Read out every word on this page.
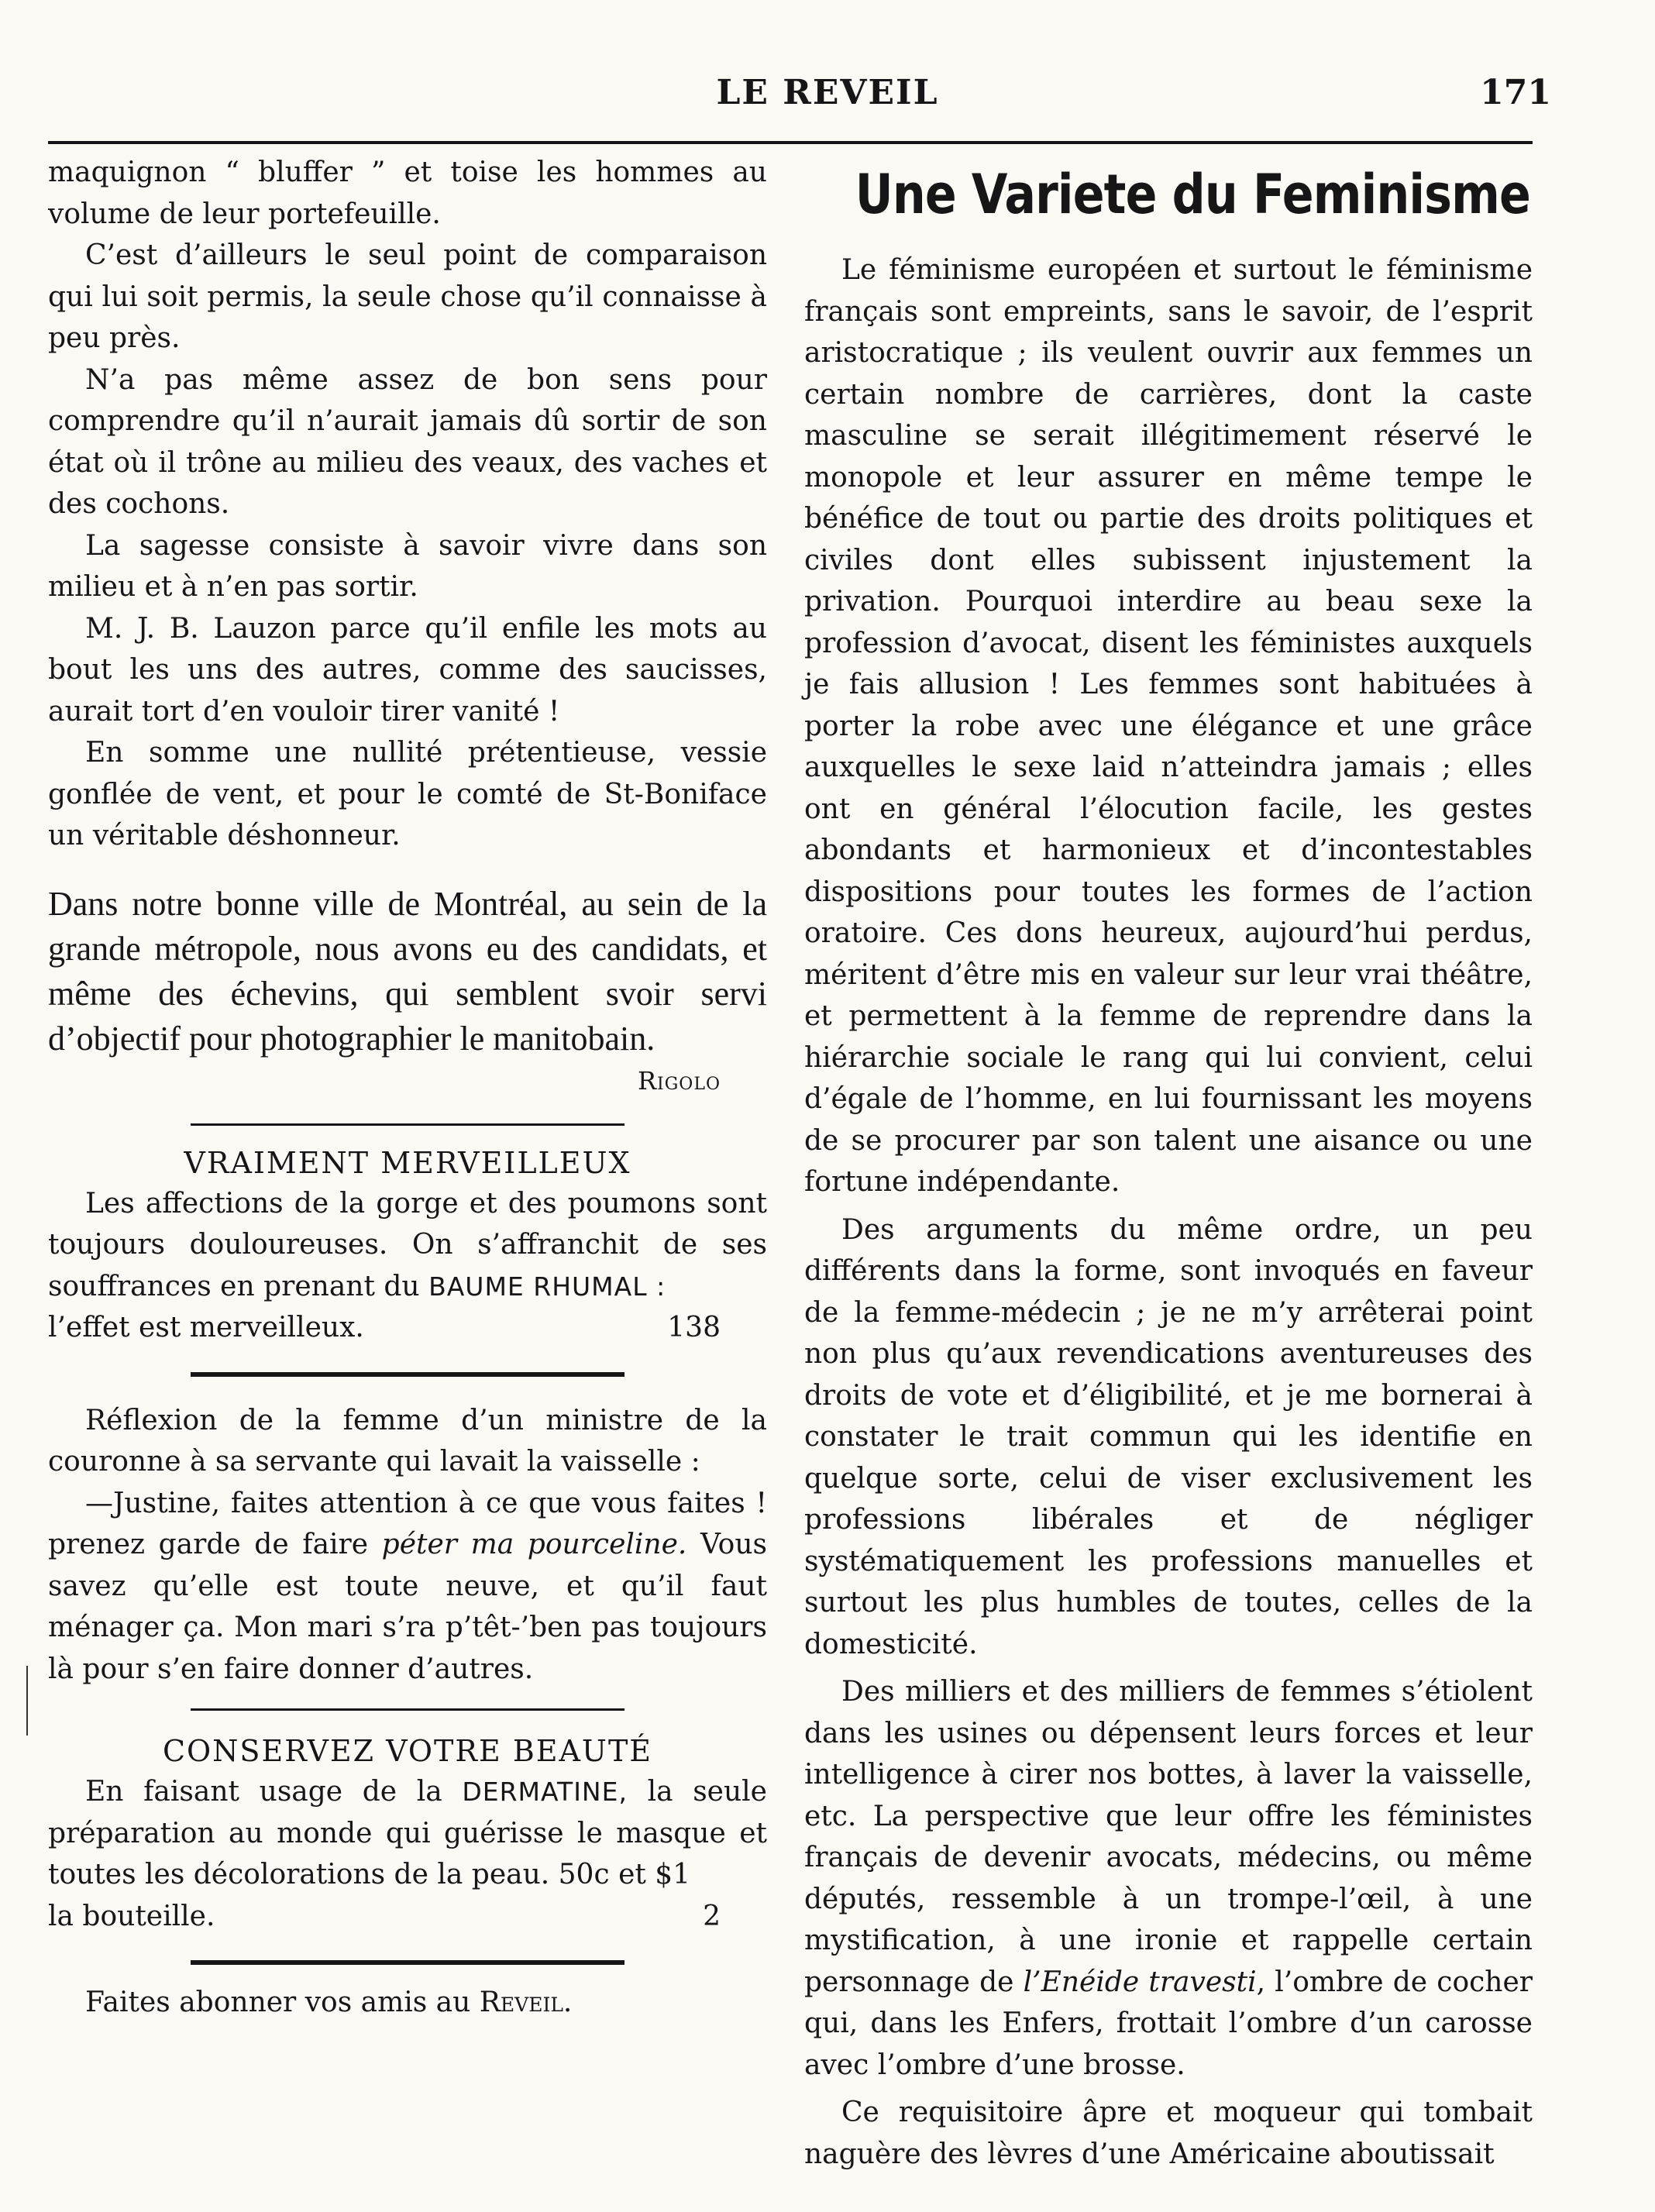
LE REVEIL	171

maquignon “ bluffer ” et toise les hommes au volume de leur portefeuille.

C’est d’ailleurs le seul point de comparaison qui lui soit permis, la seule chose qu’il connaisse à peu près.

N’a pas même assez de bon sens pour comprendre qu’il n’aurait jamais dû sortir de son état où il trône au milieu des veaux, des vaches et des cochons.

La sagesse consiste à savoir vivre dans son milieu et à n’en pas sortir.

M. J. B. Lauzon parce qu’il enfile les mots au bout les uns des autres, comme des saucisses, aurait tort d’en vouloir tirer vanité !

En somme une nullité prétentieuse, vessie gonflée de vent, et pour le comté de St-Boniface un véritable déshonneur.

Dans notre bonne ville de Montréal, au sein de la grande métropole, nous avons eu des candidats, et même des échevins, qui semblent svoir servi d’objectif pour photographier le manitobain.

Rigolo
VRAIMENT MERVEILLEUX

Les affections de la gorge et des poumons sont toujours douloureuses. On s’affranchit de ses souffrances en prenant du BAUME RHUMAL :

l’effet est merveilleux.	138

Réflexion de la femme d’un ministre de la couronne à sa servante qui lavait la vaisselle :

—Justine, faites attention à ce que vous faites ! prenez garde de faire péter ma pourceline. Vous savez qu’elle est toute neuve, et qu’il faut ménager ça. Mon mari s’ra p’têt-’ben pas toujours là pour s’en faire donner d’autres.

CONSERVEZ VOTRE BEAUTÉ

En faisant usage de la DERMATINE, la seule préparation au monde qui guérisse le masque et toutes les décolorations de la peau. 50c et $1

la bouteille.	2

Faites abonner vos amis au Reveil.

Une Variete du Feminisme

Le féminisme européen et surtout le féminisme français sont empreints, sans le savoir, de l’esprit aristocratique ; ils veulent ouvrir aux femmes un certain nombre de carrières, dont la caste masculine se serait illégitimement réservé le monopole et leur assurer en même tempe le bénéfice de tout ou partie des droits politiques et civiles dont elles subissent injustement la privation. Pourquoi interdire au beau sexe la profession d’avocat, disent les féministes auxquels je fais allusion ! Les femmes sont habituées à porter la robe avec une élégance et une grâce auxquelles le sexe laid n’atteindra jamais ; elles ont en général l’élocution facile, les gestes abondants et harmonieux et d’incontestables dispositions pour toutes les formes de l’action oratoire. Ces dons heureux, aujourd’hui perdus, méritent d’être mis en valeur sur leur vrai théâtre, et permettent à la femme de reprendre dans la hiérarchie sociale le rang qui lui convient, celui d’égale de l’homme, en lui fournissant les moyens de se procurer par son talent une aisance ou une fortune indépendante.

Des arguments du même ordre, un peu différents dans la forme, sont invoqués en faveur de la femme-médecin ; je ne m’y arrêterai point non plus qu’aux revendications aventureuses des droits de vote et d’éligibilité, et je me bornerai à constater le trait commun qui les identifie en quelque sorte, celui de viser exclusivement les professions libérales et de négliger systématiquement les professions manuelles et surtout les plus humbles de toutes, celles de la domesticité.

Des milliers et des milliers de femmes s’étiolent dans les usines ou dépensent leurs forces et leur intelligence à cirer nos bottes, à laver la vaisselle, etc. La perspective que leur offre les féministes français de devenir avocats, médecins, ou même députés, ressemble à un trompe-l’œil, à une mystification, à une ironie et rappelle certain personnage de l’Enéide travesti, l’ombre de cocher qui, dans les Enfers, frottait l’ombre d’un carosse avec l’ombre d’une brosse.

Ce requisitoire âpre et moqueur qui tombait naguère des lèvres d’une Américaine aboutissait
